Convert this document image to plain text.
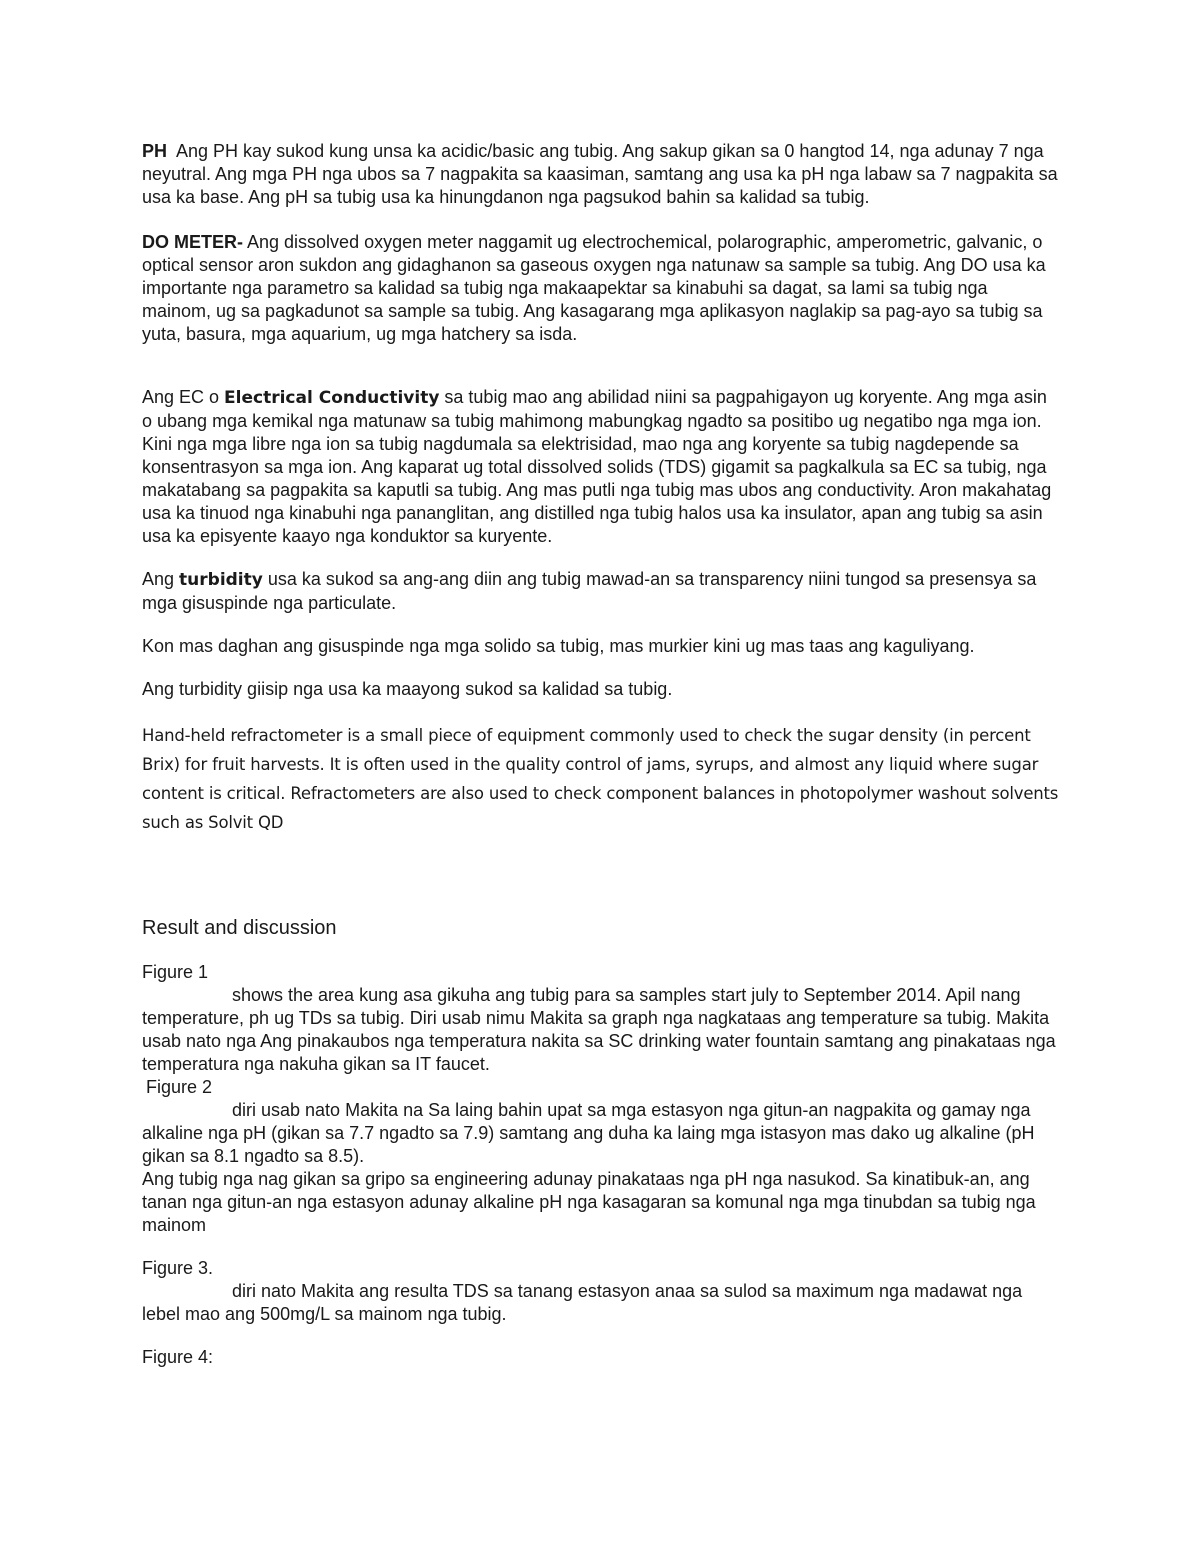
PH  Ang PH kay sukod kung unsa ka acidic/basic ang tubig. Ang sakup gikan sa 0 hangtod 14, nga adunay 7 nga neyutral. Ang mga PH nga ubos sa 7 nagpakita sa kaasiman, samtang ang usa ka pH nga labaw sa 7 nagpakita sa usa ka base. Ang pH sa tubig usa ka hinungdanon nga pagsukod bahin sa kalidad sa tubig.

DO METER- Ang dissolved oxygen meter naggamit ug electrochemical, polarographic, amperometric, galvanic, o optical sensor aron sukdon ang gidaghanon sa gaseous oxygen nga natunaw sa sample sa tubig. Ang DO usa ka importante nga parametro sa kalidad sa tubig nga makaapektar sa kinabuhi sa dagat, sa lami sa tubig nga mainom, ug sa pagkadunot sa sample sa tubig. Ang kasagarang mga aplikasyon naglakip sa pag-ayo sa tubig sa yuta, basura, mga aquarium, ug mga hatchery sa isda.

Ang EC o Electrical Conductivity sa tubig mao ang abilidad niini sa pagpahigayon ug koryente. Ang mga asin o ubang mga kemikal nga matunaw sa tubig mahimong mabungkag ngadto sa positibo ug negatibo nga mga ion. Kini nga mga libre nga ion sa tubig nagdumala sa elektrisidad, mao nga ang koryente sa tubig nagdepende sa konsentrasyon sa mga ion. Ang kaparat ug total dissolved solids (TDS) gigamit sa pagkalkula sa EC sa tubig, nga makatabang sa pagpakita sa kaputli sa tubig. Ang mas putli nga tubig mas ubos ang conductivity. Aron makahatag usa ka tinuod nga kinabuhi nga pananglitan, ang distilled nga tubig halos usa ka insulator, apan ang tubig sa asin usa ka episyente kaayo nga konduktor sa kuryente.

Ang turbidity usa ka sukod sa ang-ang diin ang tubig mawad-an sa transparency niini tungod sa presensya sa mga gisuspinde nga particulate.

Kon mas daghan ang gisuspinde nga mga solido sa tubig, mas murkier kini ug mas taas ang kaguliyang.

Ang turbidity giisip nga usa ka maayong sukod sa kalidad sa tubig.

Hand-held refractometer is a small piece of equipment commonly used to check the sugar density (in percent Brix) for fruit harvests. It is often used in the quality control of jams, syrups, and almost any liquid where sugar content is critical. Refractometers are also used to check component balances in photopolymer washout solvents such as Solvit QD

Result and discussion

Figure 1

shows the area kung asa gikuha ang tubig para sa samples start july to September 2014. Apil nang temperature, ph ug TDs sa tubig. Diri usab nimu Makita sa graph nga nagkataas ang temperature sa tubig. Makita usab nato nga Ang pinakaubos nga temperatura nakita sa SC drinking water fountain samtang ang pinakataas nga temperatura nga nakuha gikan sa IT faucet.

Figure 2

diri usab nato Makita na Sa laing bahin upat sa mga estasyon nga gitun-an nagpakita og gamay nga alkaline nga pH (gikan sa 7.7 ngadto sa 7.9) samtang ang duha ka laing mga istasyon mas dako ug alkaline (pH gikan sa 8.1 ngadto sa 8.5).

Ang tubig nga nag gikan sa gripo sa engineering adunay pinakataas nga pH nga nasukod. Sa kinatibuk-an, ang tanan nga gitun-an nga estasyon adunay alkaline pH nga kasagaran sa komunal nga mga tinubdan sa tubig nga mainom

Figure 3.

diri nato Makita ang resulta TDS sa tanang estasyon anaa sa sulod sa maximum nga madawat nga lebel mao ang 500mg/L sa mainom nga tubig.

Figure 4:
